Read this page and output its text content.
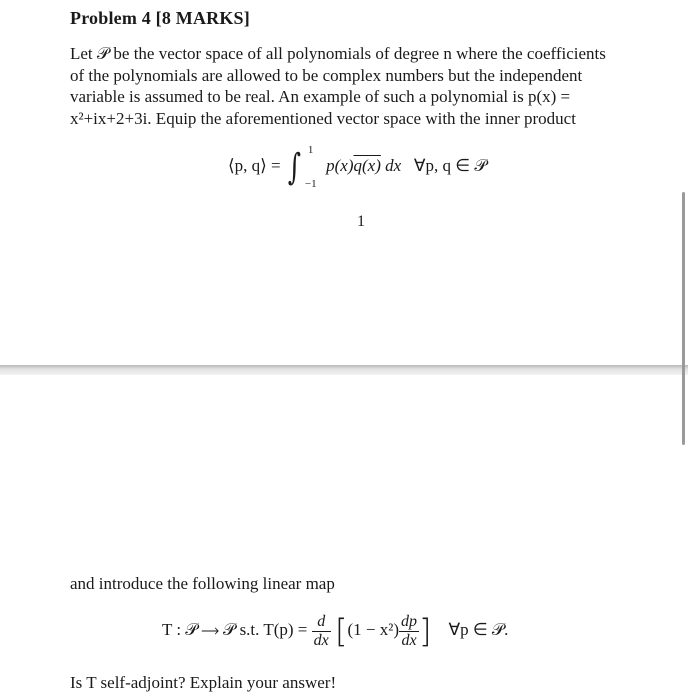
Problem 4 [8 MARKS]
Let 𝒫 be the vector space of all polynomials of degree n where the coefficients
of the polynomials are allowed to be complex numbers but the independent
variable is assumed to be real. An example of such a polynomial is p(x) =
x²+ix+2+3i. Equip the aforementioned vector space with the inner product
⟨p, q⟩ = ∫ 1
−1
p(x)q(x) dx ∀p, q ∈ 𝒫
1
and introduce the following linear map
T : 𝒫 ⟶ 𝒫 s.t. $T(p) = \frac{d}{dx} [(1 - x^2) \frac{dp}{dx}$ ] ∀p ∈ 𝒫.
Is T self-adjoint? Explain your answer!
